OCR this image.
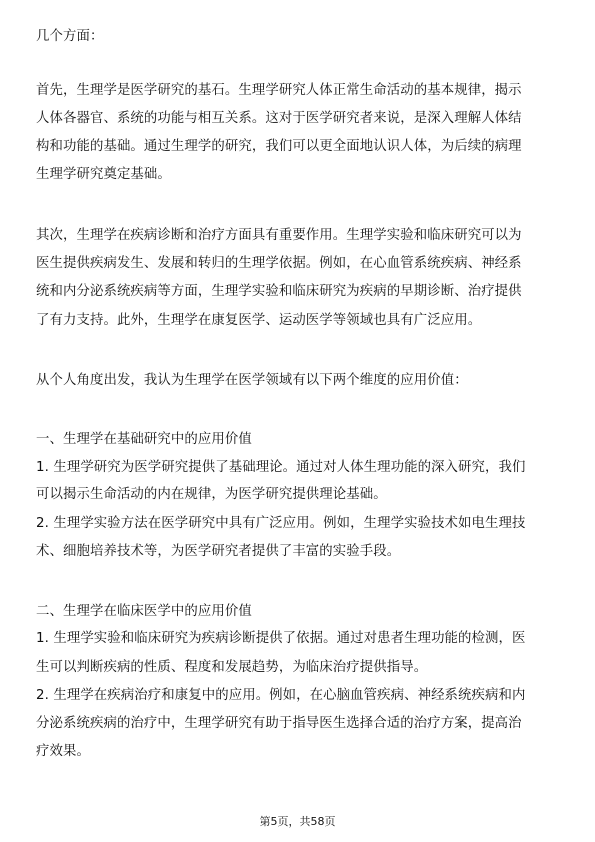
几个方面：
首先，生理学是医学研究的基石。生理学研究人体正常生命活动的基本规律，揭示
人体各器官、系统的功能与相互关系。这对于医学研究者来说，是深入理解人体结
构和功能的基础。通过生理学的研究，我们可以更全面地认识人体，为后续的病理
生理学研究奠定基础。
其次，生理学在疾病诊断和治疗方面具有重要作用。生理学实验和临床研究可以为
医生提供疾病发生、发展和转归的生理学依据。例如，在心血管系统疾病、神经系
统和内分泌系统疾病等方面，生理学实验和临床研究为疾病的早期诊断、治疗提供
了有力支持。此外，生理学在康复医学、运动医学等领域也具有广泛应用。
从个人角度出发，我认为生理学在医学领域有以下两个维度的应用价值：
一、生理学在基础研究中的应用价值
1. 生理学研究为医学研究提供了基础理论。通过对人体生理功能的深入研究，我们
可以揭示生命活动的内在规律，为医学研究提供理论基础。
2. 生理学实验方法在医学研究中具有广泛应用。例如，生理学实验技术如电生理技
术、细胞培养技术等，为医学研究者提供了丰富的实验手段。
二、生理学在临床医学中的应用价值
1. 生理学实验和临床研究为疾病诊断提供了依据。通过对患者生理功能的检测，医
生可以判断疾病的性质、程度和发展趋势，为临床治疗提供指导。
2. 生理学在疾病治疗和康复中的应用。例如，在心脑血管疾病、神经系统疾病和内
分泌系统疾病的治疗中，生理学研究有助于指导医生选择合适的治疗方案，提高治
疗效果。
第5页，共58页
